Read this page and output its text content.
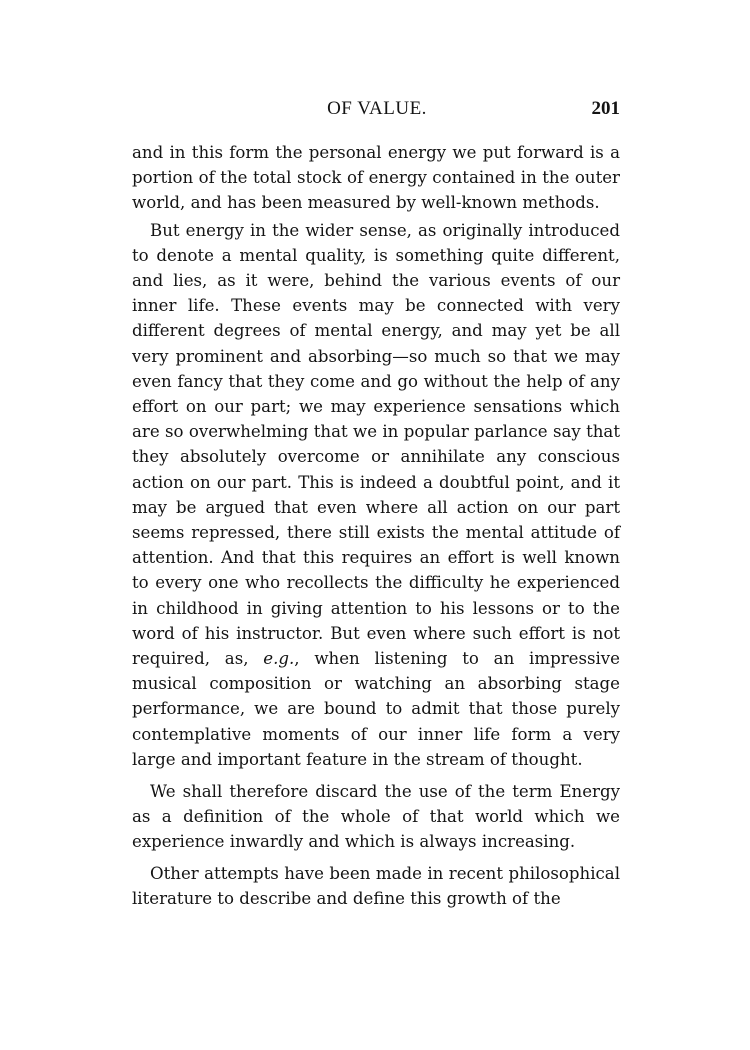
OF VALUE.	201

and in this form the personal energy we put forward is a portion of the total stock of energy contained in the outer world, and has been measured by well-known methods.

But energy in the wider sense, as originally introduced to denote a mental quality, is something quite different, and lies, as it were, behind the various events of our inner life. These events may be connected with very different degrees of mental energy, and may yet be all very prominent and absorbing—so much so that we may even fancy that they come and go without the help of any effort on our part; we may experience sensations which are so overwhelming that we in popular parlance say that they absolutely overcome or annihilate any conscious action on our part. This is indeed a doubtful point, and it may be argued that even where all action on our part seems repressed, there still exists the mental attitude of attention. And that this requires an effort is well known to every one who recollects the difficulty he experienced in childhood in giving attention to his lessons or to the word of his instructor. But even where such effort is not required, as, e.g., when listening to an impressive musical composition or watching an absorbing stage performance, we are bound to admit that those purely contemplative moments of our inner life form a very large and important feature in the stream of thought.

We shall therefore discard the use of the term Energy as a definition of the whole of that world which we experience inwardly and which is always increasing.

Other attempts have been made in recent philosophical literature to describe and define this growth of the
